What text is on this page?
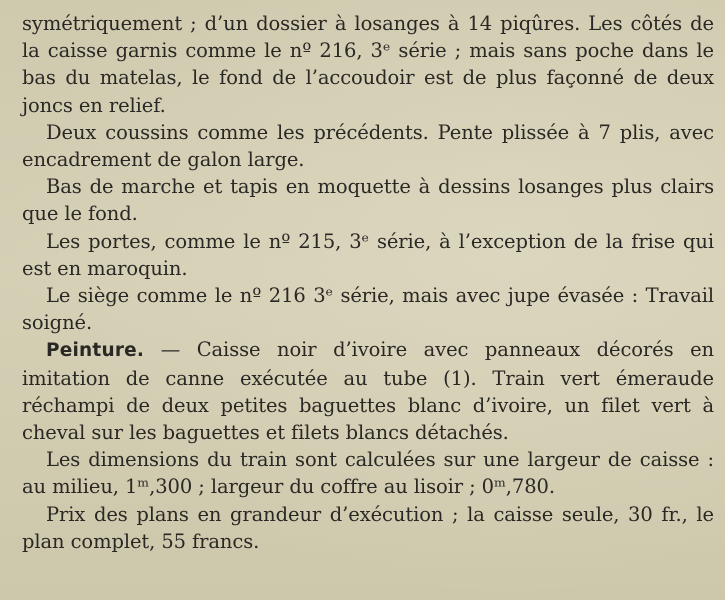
symétriquement ; d’un dossier à losanges à 14 piqûres. Les côtés de la caisse garnis comme le nº 216, 3ᵉ série ; mais sans poche dans le bas du matelas, le fond de l’accoudoir est de plus façonné de deux joncs en relief.

Deux coussins comme les précédents. Pente plissée à 7 plis, avec encadrement de galon large.

Bas de marche et tapis en moquette à dessins losanges plus clairs que le fond.

Les portes, comme le nº 215, 3ᵉ série, à l’exception de la frise qui est en maroquin.

Le siège comme le nº 216 3ᵉ série, mais avec jupe évasée : Travail soigné.

Peinture. — Caisse noir d’ivoire avec panneaux décorés en imitation de canne exécutée au tube (1). Train vert émeraude réchampi de deux petites baguettes blanc d’ivoire, un filet vert à cheval sur les baguettes et filets blancs détachés.

Les dimensions du train sont calculées sur une largeur de caisse : au milieu, 1ᵐ,300 ; largeur du coffre au lisoir ; 0ᵐ,780.

Prix des plans en grandeur d’exécution ; la caisse seule, 30 fr., le plan complet, 55 francs.
